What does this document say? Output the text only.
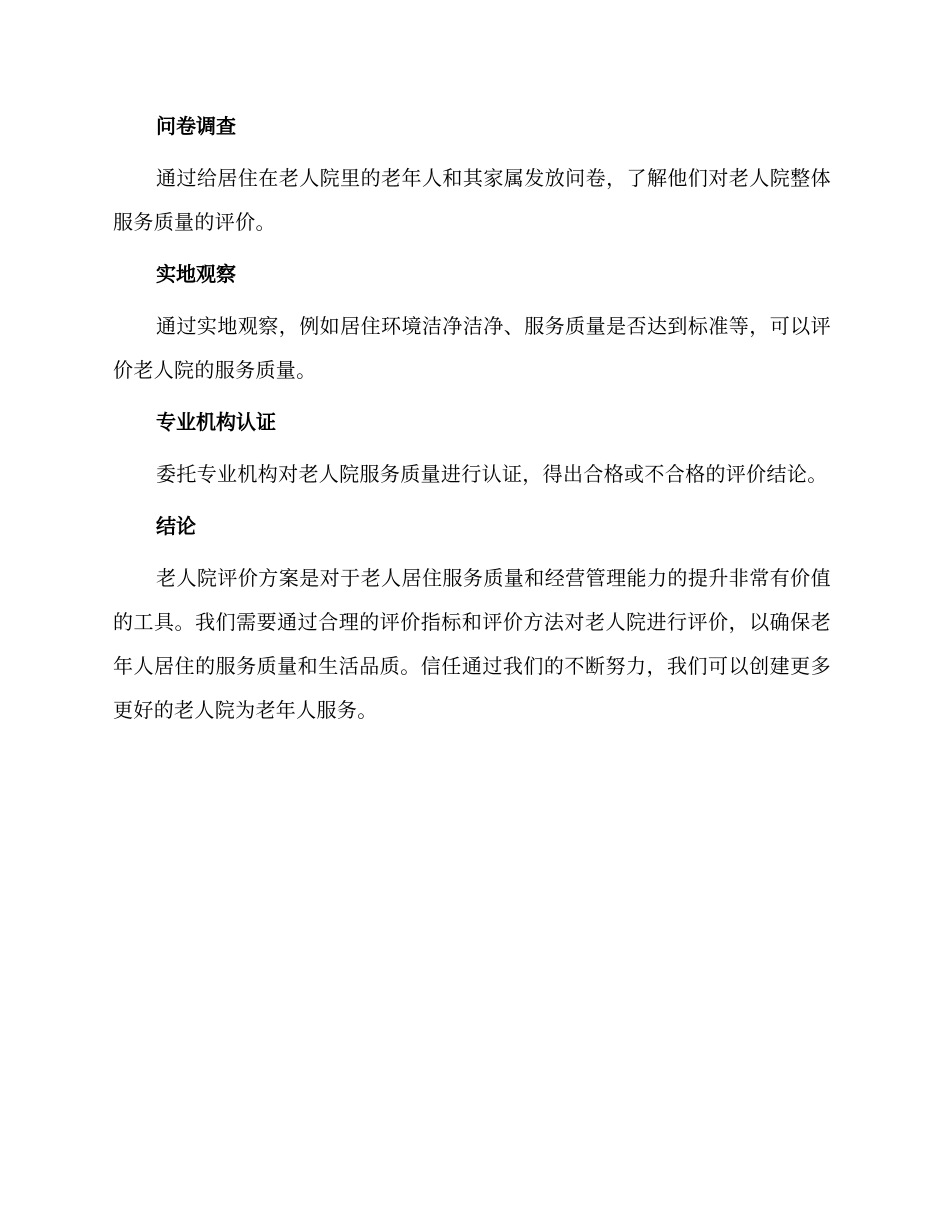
问卷调查

通过给居住在老人院里的老年人和其家属发放问卷，了解他们对老人院整体服务质量的评价。

实地观察

通过实地观察，例如居住环境洁净洁净、服务质量是否达到标准等，可以评价老人院的服务质量。

专业机构认证

委托专业机构对老人院服务质量进行认证，得出合格或不合格的评价结论。

结论

老人院评价方案是对于老人居住服务质量和经营管理能力的提升非常有价值的工具。我们需要通过合理的评价指标和评价方法对老人院进行评价，以确保老年人居住的服务质量和生活品质。信任通过我们的不断努力，我们可以创建更多更好的老人院为老年人服务。
